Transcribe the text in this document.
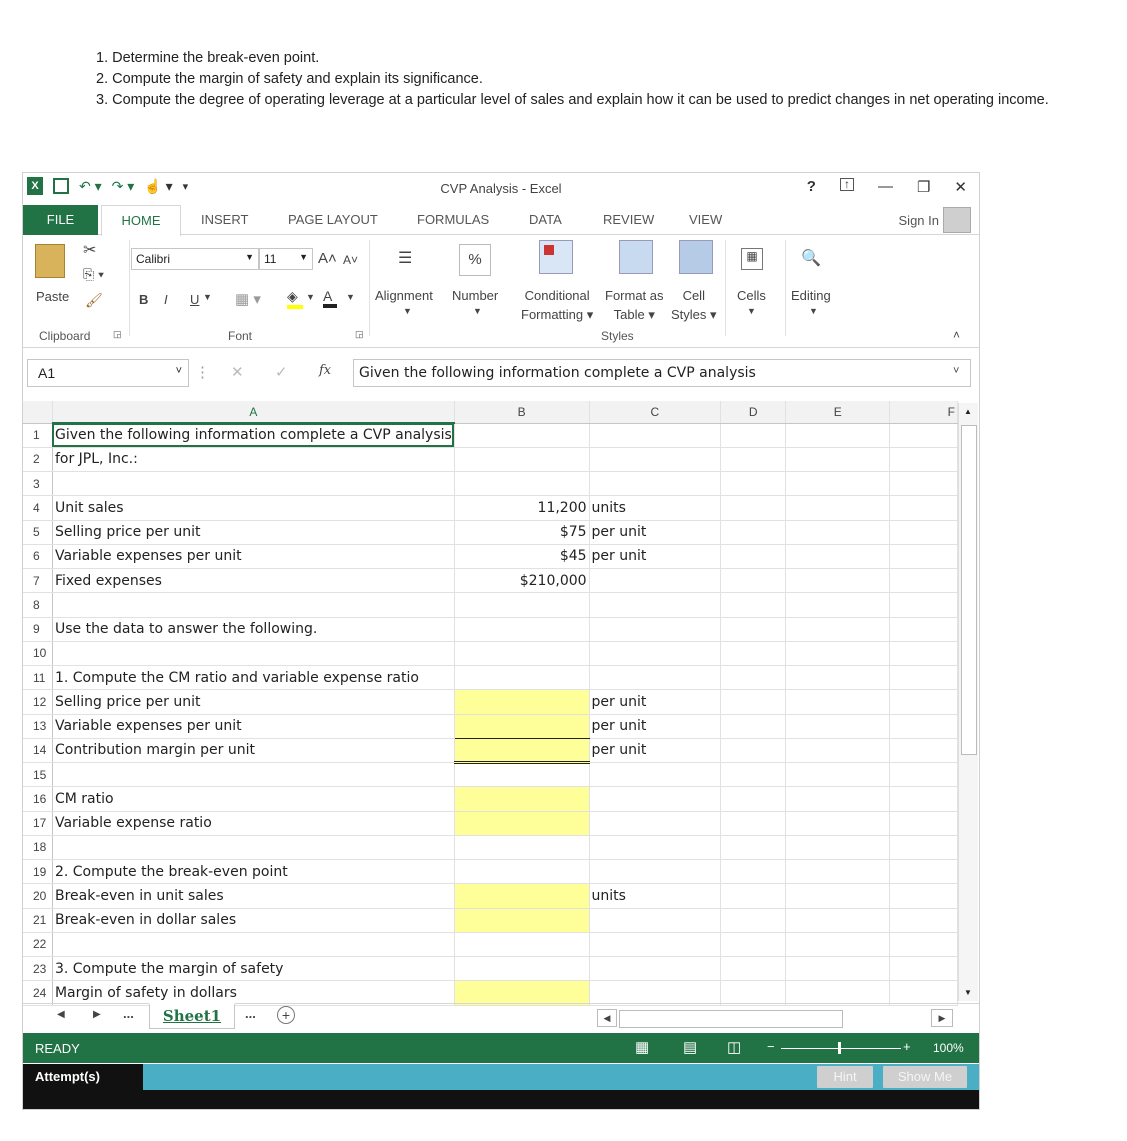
1. Determine the break-even point.
2. Compute the margin of safety and explain its significance.
3. Compute the degree of operating leverage at a particular level of sales and explain how it can be used to predict changes in net operating income.
X	↶ ▾ ↷ ▾ ☝ ▾ ▾	CVP Analysis - Excel	?	↑ — ❐ ✕
FILE	HOME	INSERT	PAGE LAYOUT	FORMULAS	DATA	REVIEW	VIEW	Sign In
Paste
✂
⎘ ▾
🖌
Clipboard	◲
Calibri	▼ 11	▼ A˄ A˅
B I U ▼ ▦ ▾ ◈ ▼ A	▼
Font	◲
☰
Alignment
▼
%
Number
▼
Conditional
Formatting ▾
Format as
Table ▾
Cell
Styles ▾
Styles
▦
Cells
▼
🔍
Editing
▼
˄
A1	˅ ⋮ ✕ ✓ fx	Given the following information complete a CVP analysis	˅
	A	B	C	D	E	F
1	Given the following information complete a CVP analysis					
2	for JPL, Inc.:					
3						
4	Unit sales	11,200	units			
5	Selling price per unit	$75	per unit			
6	Variable expenses per unit	$45	per unit			
7	Fixed expenses	$210,000				
8						
9	Use the data to answer the following.					
10						
11	1. Compute the CM ratio and variable expense ratio					
12	Selling price per unit		per unit			
13	Variable expenses per unit		per unit			
14	Contribution margin per unit		per unit			
15						
16	CM ratio					
17	Variable expense ratio					
18						
19	2. Compute the break-even point					
20	Break-even in unit sales		units			
21	Break-even in dollar sales					
22						
23	3. Compute the margin of safety					
24	Margin of safety in dollars					
▲
▼
◀	▶ ...	Sheet1	...	+	◀	▶
READY	▦ ▤ ◫ −	+ 100%
Attempt(s)	Hint	Show Me
